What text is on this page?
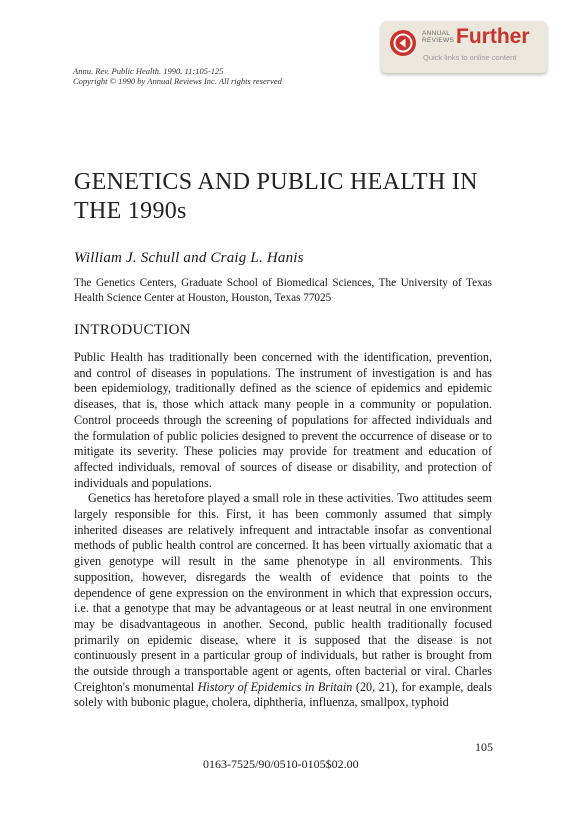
ANNUAL
REVIEWS Further
Quick links to online content
Annu. Rev. Public Health. 1990. 11:105-125
Copyright © 1990 by Annual Reviews Inc. All rights reserved
GENETICS AND PUBLIC HEALTH IN
THE 1990s
William J. Schull and Craig L. Hanis
The Genetics Centers, Graduate School of Biomedical Sciences, The University of Texas Health Science Center at Houston, Houston, Texas 77025
INTRODUCTION

Public Health has traditionally been concerned with the identification, prevention, and control of diseases in populations. The instrument of investigation is and has been epidemiology, traditionally defined as the science of epidemics and epidemic diseases, that is, those which attack many people in a community or population. Control proceeds through the screening of populations for affected individuals and the formulation of public policies designed to prevent the occurrence of disease or to mitigate its severity. These policies may provide for treatment and education of affected individuals, removal of sources of disease or disability, and protection of individuals and populations.

Genetics has heretofore played a small role in these activities. Two attitudes seem largely responsible for this. First, it has been commonly assumed that simply inherited diseases are relatively infrequent and intractable insofar as conventional methods of public health control are concerned. It has been virtually axiomatic that a given genotype will result in the same phenotype in all environments. This supposition, however, disregards the wealth of evidence that points to the dependence of gene expression on the environment in which that expression occurs, i.e. that a genotype that may be advantageous or at least neutral in one environment may be disadvantageous in another. Second, public health traditionally focused primarily on epidemic disease, where it is supposed that the disease is not continuously present in a particular group of individuals, but rather is brought from the outside through a transportable agent or agents, often bacterial or viral. Charles Creighton's monumental History of Epidemics in Britain (20, 21), for example, deals solely with bubonic plague, cholera, diphtheria, influenza, smallpox, typhoid

105
0163-7525/90/0510-0105$02.00
